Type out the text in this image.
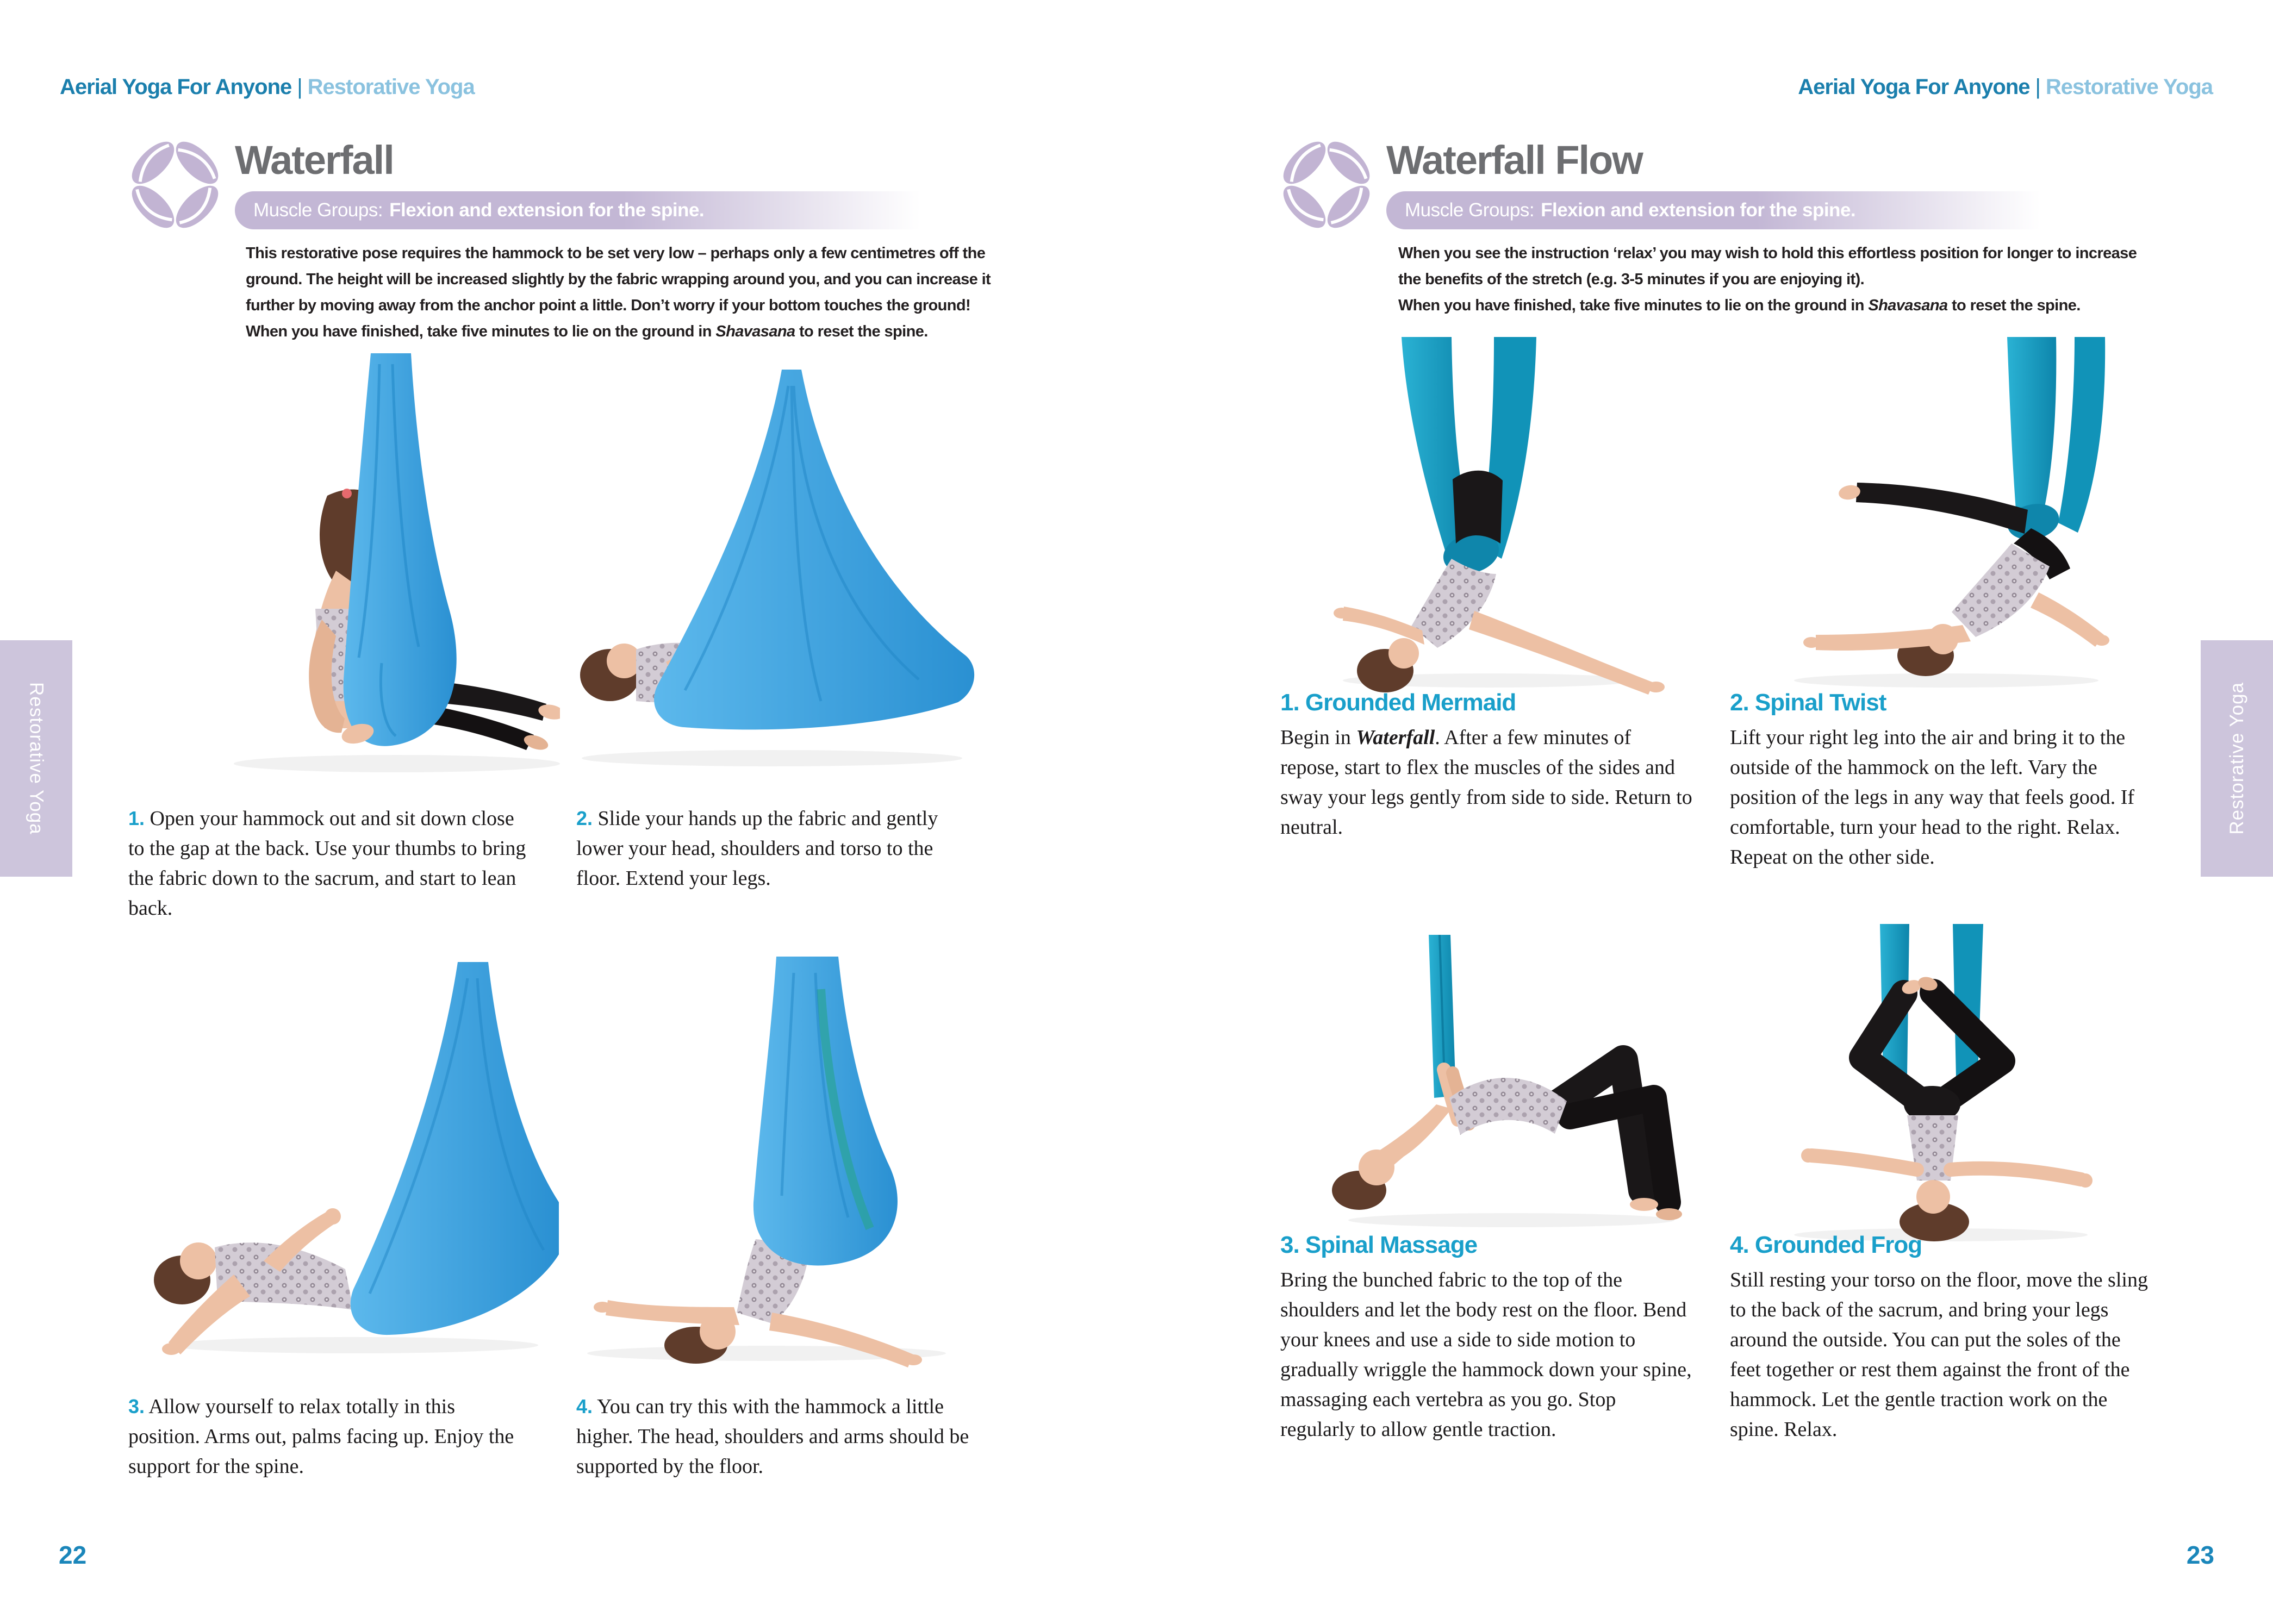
Aerial Yoga For Anyone | Restorative Yoga
Waterfall
Muscle Groups: Flexion and extension for the spine.
This restorative pose requires the hammock to be set very low – perhaps only a few centimetres off the ground. The height will be increased slightly by the fabric wrapping around you, and you can increase it further by moving away from the anchor point a little. Don’t worry if your bottom touches the ground! When you have finished, take five minutes to lie on the ground in Shavasana to reset the spine.
1. Open your hammock out and sit down close to the gap at the back. Use your thumbs to bring the fabric down to the sacrum, and start to lean back.
2. Slide your hands up the fabric and gently lower your head, shoulders and torso to the floor. Extend your legs.
3. Allow yourself to relax totally in this position. Arms out, palms facing up. Enjoy the support for the spine.
4. You can try this with the hammock a little higher. The head, shoulders and arms should be supported by the floor.
Restorative Yoga
22
Aerial Yoga For Anyone | Restorative Yoga
Waterfall Flow
Muscle Groups: Flexion and extension for the spine.
When you see the instruction ‘relax’ you may wish to hold this effortless position for longer to increase the benefits of the stretch (e.g. 3-5 minutes if you are enjoying it).
When you have finished, take five minutes to lie on the ground in Shavasana to reset the spine.
1. Grounded Mermaid
Begin in Waterfall. After a few minutes of repose, start to flex the muscles of the sides and sway your legs gently from side to side. Return to neutral.
2. Spinal Twist
Lift your right leg into the air and bring it to the outside of the hammock on the left. Vary the position of the legs in any way that feels good. If comfortable, turn your head to the right. Relax. Repeat on the other side.
3. Spinal Massage
Bring the bunched fabric to the top of the shoulders and let the body rest on the floor. Bend your knees and use a side to side motion to gradually wriggle the hammock down your spine, massaging each vertebra as you go. Stop regularly to allow gentle traction.
4. Grounded Frog
Still resting your torso on the floor, move the sling to the back of the sacrum, and bring your legs around the outside. You can put the soles of the feet together or rest them against the front of the hammock. Let the gentle traction work on the spine. Relax.
Restorative Yoga
23
